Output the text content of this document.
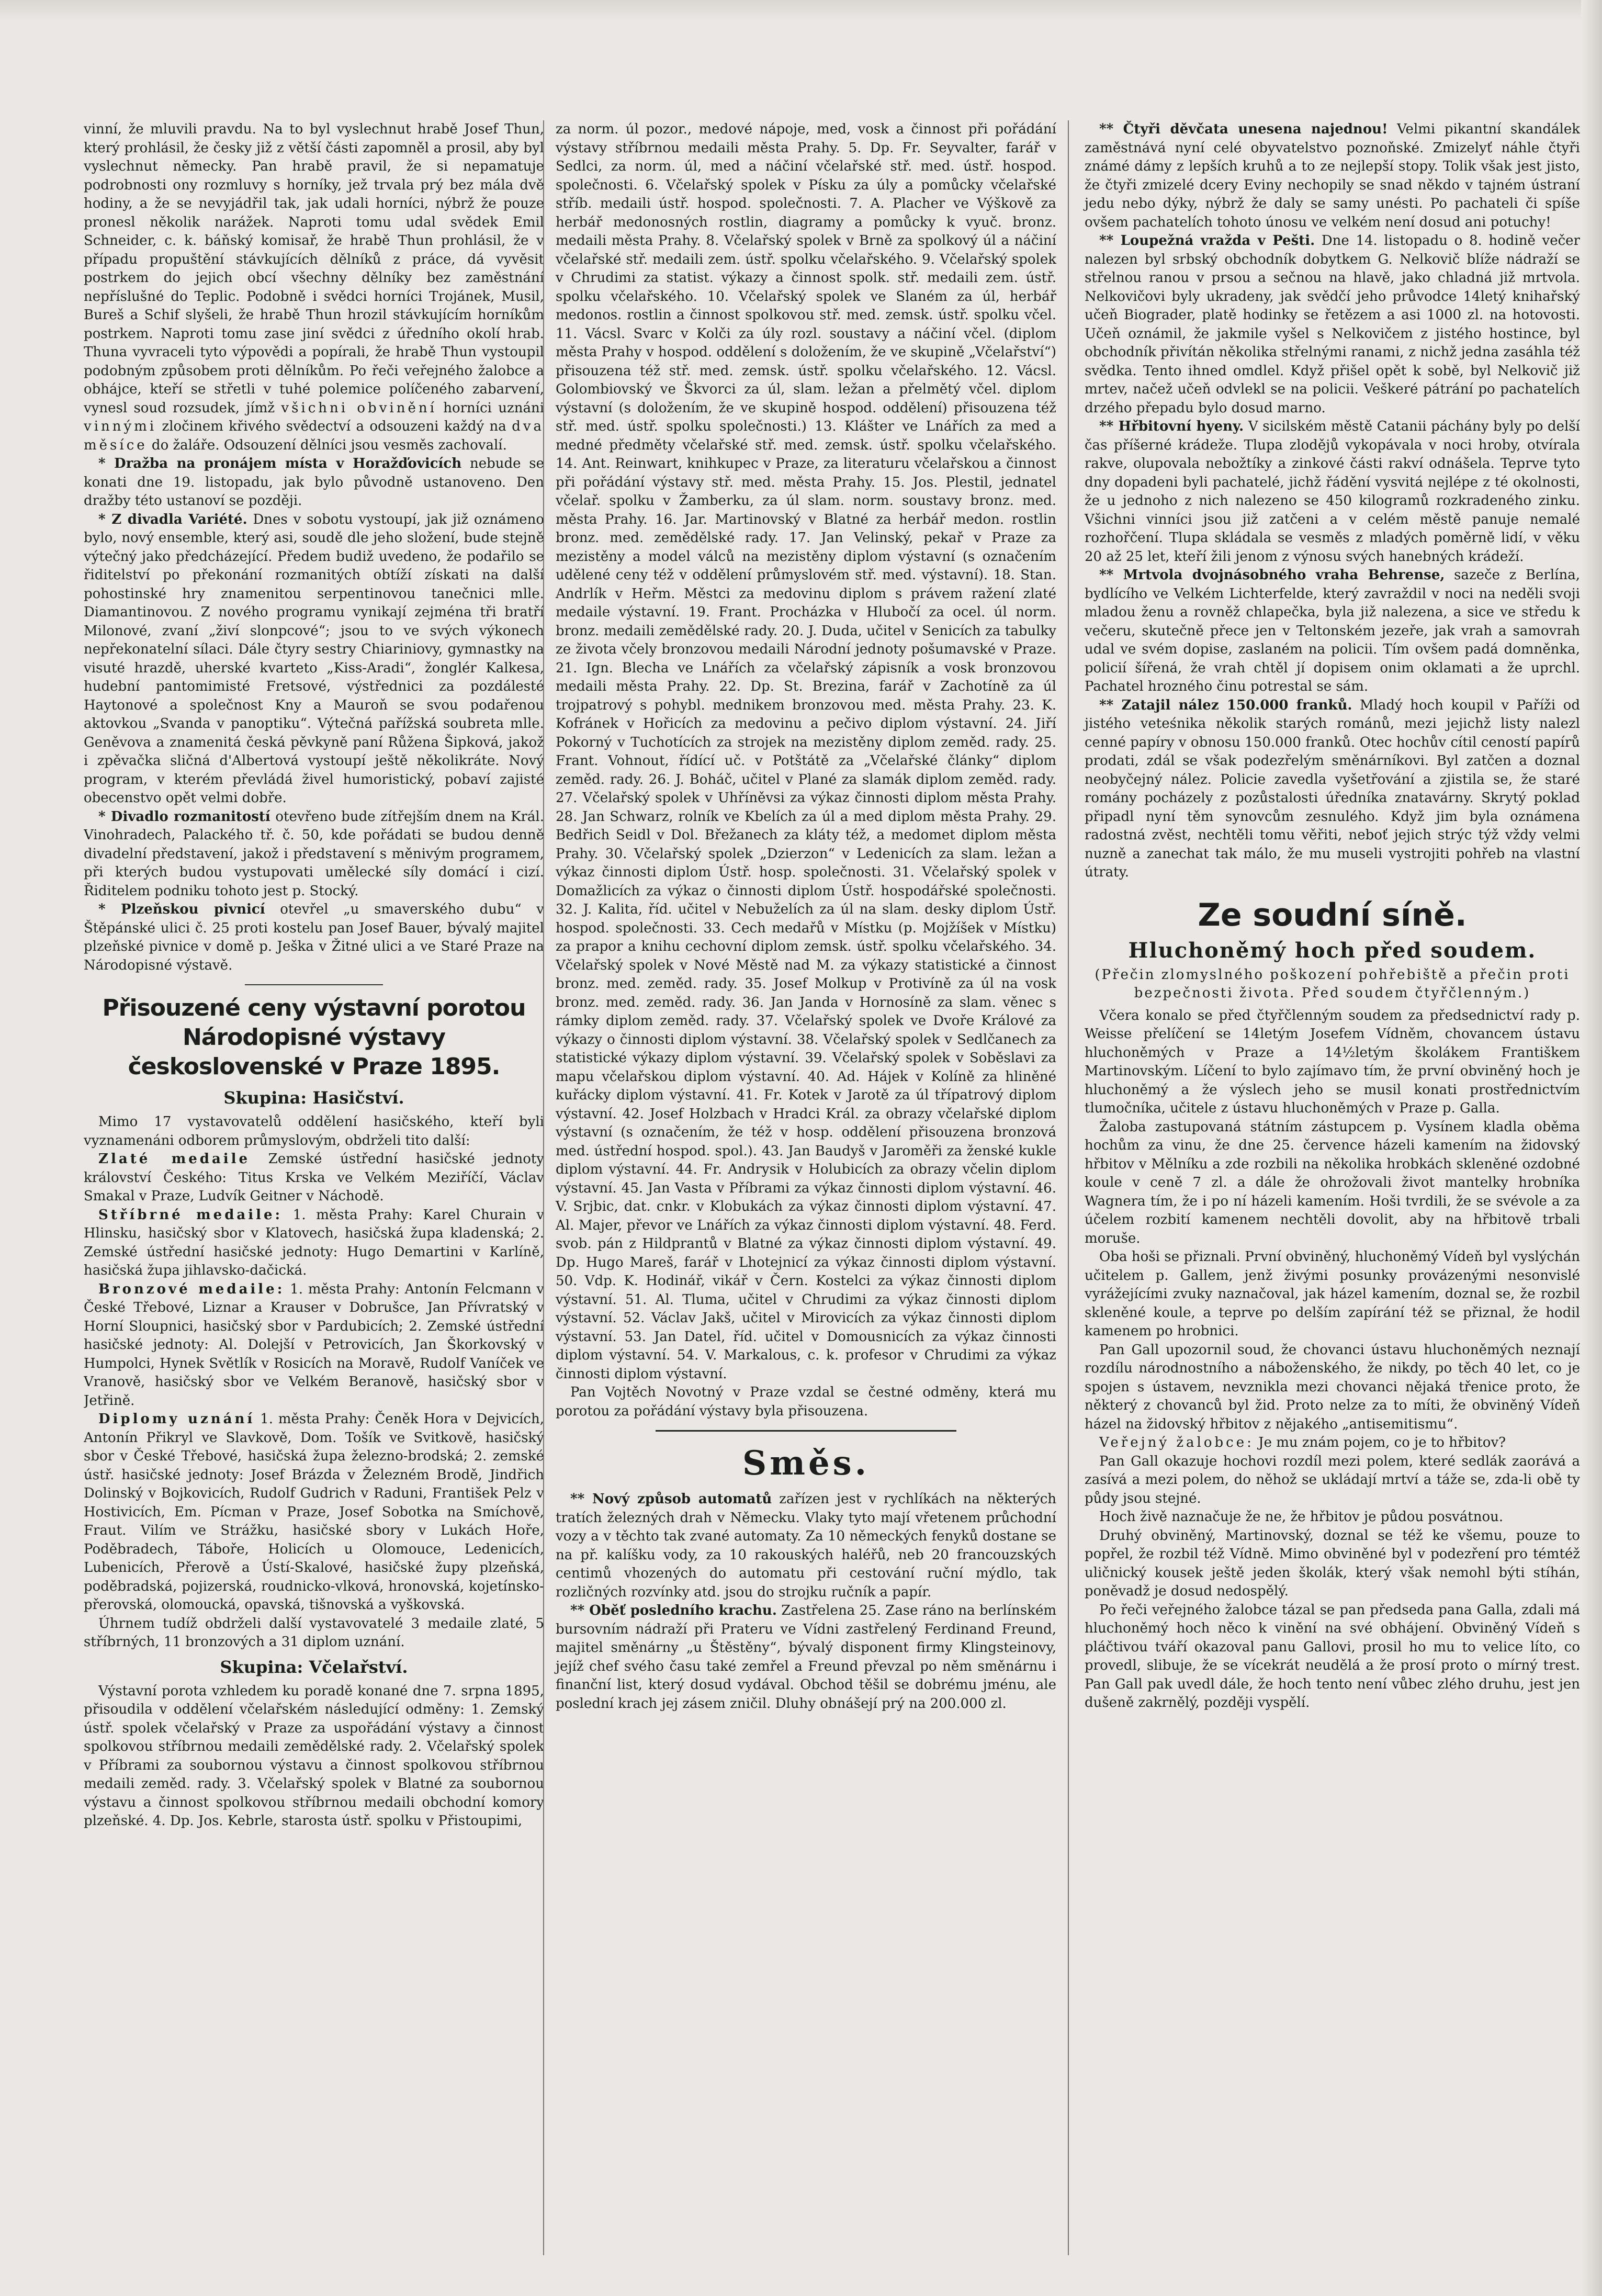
vinní, že mluvili pravdu. Na to byl vyslechnut hrabě Josef Thun, který prohlásil, že česky již z větší části zapomněl a prosil, aby byl vyslechnut německy. Pan hrabě pravil, že si nepamatuje podrobnosti ony rozmluvy s horníky, jež trvala prý bez mála dvě hodiny, a že se nevyjádřil tak, jak udali horníci, nýbrž že pouze pronesl několik narážek. Naproti tomu udal svědek Emil Schneider, c. k. báňský komisař, že hrabě Thun prohlásil, že v případu propuštění stávkujících dělníků z práce, dá vyvěsit postrkem do jejich obcí všechny dělníky bez zaměstnání nepříslušné do Teplic. Podobně i svědci horníci Trojánek, Musil, Bureš a Schif slyšeli, že hrabě Thun hrozil stávkujícím horníkům postrkem. Naproti tomu zase jiní svědci z úředního okolí hrab. Thuna vyvraceli tyto výpovědi a popírali, že hrabě Thun vystoupil podobným způsobem proti dělníkům. Po řeči veřejného žalobce a obhájce, kteří se střetli v tuhé polemice políčeného zabarvení, vynesl soud rozsudek, jímž všichni obvinění horníci uznáni vinnými zločinem křivého svědectví a odsouzeni každý na dva měsíce do žaláře. Odsouzení dělníci jsou vesměs zachovalí.

* Dražba na pronájem místa v Horažďovicích nebude se konati dne 19. listopadu, jak bylo původně ustanoveno. Den dražby této ustanoví se později.

* Z divadla Variété. Dnes v sobotu vystoupí, jak již oznámeno bylo, nový ensemble, který asi, soudě dle jeho složení, bude stejně výtečný jako předcházející. Předem budiž uvedeno, že podařilo se řiditelství po překonání rozmanitých obtíží získati na další pohostinské hry znamenitou serpentinovou tanečnici mlle. Diamantinovou. Z nového programu vynikají zejména tři bratří Milonové, zvaní „živí slonpcové“; jsou to ve svých výkonech nepřekonatelní sílaci. Dále čtyry sestry Chiariniovy, gymnastky na visuté hrazdě, uherské kvarteto „Kiss-Aradi“, žonglér Kalkesa, hudební pantomimisté Fretsové, výstřednici za pozdálesté Haytonové a společnost Kny a Mauroň se svou podařenou aktovkou „Svanda v panoptiku“. Výtečná pařížská soubreta mlle. Geněvova a znamenitá česká pěvkyně paní Růžena Šipková, jakož i zpěvačka sličná d'Albertová vystoupí ještě několikráte. Nový program, v kterém převládá živel humoristický, pobaví zajisté obecenstvo opět velmi dobře.

* Divadlo rozmanitostí otevřeno bude zítřejším dnem na Král. Vinohradech, Palackého tř. č. 50, kde pořádati se budou denně divadelní představení, jakož i představení s měnivým programem, při kterých budou vystupovati umělecké síly domácí i cizí. Řiditelem podniku tohoto jest p. Stocký.

* Plzeňskou pivnicí otevřel „u smaverského dubu“ v Štěpánské ulici č. 25 proti kostelu pan Josef Bauer, bývalý majitel plzeňské pivnice v domě p. Ješka v Žitné ulici a ve Staré Praze na Národopisné výstavě.

Přisouzené ceny výstavní porotou Národopisné výstavy československé v Praze 1895.
Skupina: Hasičství.

Mimo 17 vystavovatelů oddělení hasičského, kteří byli vyznamenáni odborem průmyslovým, obdrželi tito další:

Zlaté medaile Zemské ústřední hasičské jednoty království Českého: Titus Krska ve Velkém Meziříčí, Václav Smakal v Praze, Ludvík Geitner v Náchodě.

Stříbrné medaile: 1. města Prahy: Karel Churain v Hlinsku, hasičský sbor v Klatovech, hasičská župa kladenská; 2. Zemské ústřední hasičské jednoty: Hugo Demartini v Karlíně, hasičská župa jihlavsko-dačická.

Bronzové medaile: 1. města Prahy: Antonín Felcmann v České Třebové, Liznar a Krauser v Dobrušce, Jan Přívratský v Horní Sloupnici, hasičský sbor v Pardubicích; 2. Zemské ústřední hasičské jednoty: Al. Dolejší v Petrovicích, Jan Škorkovský v Humpolci, Hynek Světlík v Rosicích na Moravě, Rudolf Vaníček ve Vranově, hasičský sbor ve Velkém Beranově, hasičský sbor v Jetřině.

Diplomy uznání 1. města Prahy: Čeněk Hora v Dejvicích, Antonín Přikryl ve Slavkově, Dom. Tošík ve Svitkově, hasičský sbor v České Třebové, hasičská župa železno-brodská; 2. zemské ústř. hasičské jednoty: Josef Brázda v Železném Brodě, Jindřich Dolinský v Bojkovicích, Rudolf Gudrich v Raduni, František Pelz v Hostivicích, Em. Pícman v Praze, Josef Sobotka na Smíchově, Fraut. Vilím ve Strážku, hasičské sbory v Lukách Hoře, Poděbradech, Táboře, Holicích u Olomouce, Ledenicích, Lubenicích, Přerově a Ústí-Skalové, hasičské župy plzeňská, poděbradská, pojizerská, roudnicko-vlková, hronovská, kojetínsko-přerovská, olomoucká, opavská, tišnovská a vyškovská.

Úhrnem tudíž obdrželi další vystavovatelé 3 medaile zlaté, 5 stříbrných, 11 bronzových a 31 diplom uznání.

Skupina: Včelařství.

Výstavní porota vzhledem ku poradě konané dne 7. srpna 1895, přisoudila v oddělení včelařském následující odměny: 1. Zemský ústř. spolek včelařský v Praze za uspořádání výstavy a činnost spolkovou stříbrnou medaili zemědělské rady. 2. Včelařský spolek v Příbrami za soubornou výstavu a činnost spolkovou stříbrnou medaili zeměd. rady. 3. Včelařský spolek v Blatné za soubornou výstavu a činnost spolkovou stříbrnou medaili obchodní komory plzeňské. 4. Dp. Jos. Kebrle, starosta ústř. spolku v Přistoupimi,

za norm. úl pozor., medové nápoje, med, vosk a činnost při pořádání výstavy stříbrnou medaili města Prahy. 5. Dp. Fr. Seyvalter, farář v Sedlci, za norm. úl, med a náčiní včelařské stř. med. ústř. hospod. společnosti. 6. Včelařský spolek v Písku za úly a pomůcky včelařské stříb. medaili ústř. hospod. společnosti. 7. A. Placher ve Výškově za herbář medonosných rostlin, diagramy a pomůcky k vyuč. bronz. medaili města Prahy. 8. Včelařský spolek v Brně za spolkový úl a náčiní včelařské stř. medaili zem. ústř. spolku včelařského. 9. Včelařský spolek v Chrudimi za statist. výkazy a činnost spolk. stř. medaili zem. ústř. spolku včelařského. 10. Včelařský spolek ve Slaném za úl, herbář medonos. rostlin a činnost spolkovou stř. med. zemsk. ústř. spolku včel. 11. Vácsl. Svarc v Kolči za úly rozl. soustavy a náčiní včel. (diplom města Prahy v hospod. oddělení s doložením, že ve skupině „Včelařství“) přisouzena též stř. med. zemsk. ústř. spolku včelařského. 12. Vácsl. Golombiovský ve Škvorci za úl, slam. ležan a přelmětý včel. diplom výstavní (s doložením, že ve skupině hospod. oddělení) přisouzena též stř. med. ústř. spolku společnosti.) 13. Klášter ve Lnářích za med a medné předměty včelařské stř. med. zemsk. ústř. spolku včelařského. 14. Ant. Reinwart, knihkupec v Praze, za literaturu včelařskou a činnost při pořádání výstavy stř. med. města Prahy. 15. Jos. Plestil, jednatel včelař. spolku v Žamberku, za úl slam. norm. soustavy bronz. med. města Prahy. 16. Jar. Martinovský v Blatné za herbář medon. rostlin bronz. med. zemědělské rady. 17. Jan Velinský, pekař v Praze za mezistěny a model válců na mezistěny diplom výstavní (s označením udělené ceny též v oddělení průmyslovém stř. med. výstavní). 18. Stan. Andrlík v Heřm. Městci za medovinu diplom s právem ražení zlaté medaile výstavní. 19. Frant. Procházka v Hlubočí za ocel. úl norm. bronz. medaili zemědělské rady. 20. J. Duda, učitel v Senicích za tabulky ze života včely bronzovou medaili Národní jednoty pošumavské v Praze. 21. Ign. Blecha ve Lnářích za včelařský zápisník a vosk bronzovou medaili města Prahy. 22. Dp. St. Brezina, farář v Zachotíně za úl trojpatrový s pohybl. mednikem bronzovou med. města Prahy. 23. K. Kofránek v Hořicích za medovinu a pečivo diplom výstavní. 24. Jiří Pokorný v Tuchotících za strojek na mezistěny diplom zeměd. rady. 25. Frant. Vohnout, řídící uč. v Potštátě za „Včelařské články“ diplom zeměd. rady. 26. J. Boháč, učitel v Plané za slamák diplom zeměd. rady. 27. Včelařský spolek v Uhříněvsi za výkaz činnosti diplom města Prahy. 28. Jan Schwarz, rolník ve Kbelích za úl a med diplom města Prahy. 29. Bedřich Seidl v Dol. Břežanech za kláty též, a medomet diplom města Prahy. 30. Včelařský spolek „Dzierzon“ v Ledenicích za slam. ležan a výkaz činnosti diplom Ústř. hosp. společnosti. 31. Včelařský spolek v Domažlicích za výkaz o činnosti diplom Ústř. hospodářské společnosti. 32. J. Kalita, říd. učitel v Nebuželích za úl na slam. desky diplom Ústř. hospod. společnosti. 33. Cech medařů v Místku (p. Mojžíšek v Místku) za prapor a knihu cechovní diplom zemsk. ústř. spolku včelařského. 34. Včelařský spolek v Nové Městě nad M. za výkazy statistické a činnost bronz. med. zeměd. rady. 35. Josef Molkup v Protivíně za úl na vosk bronz. med. zeměd. rady. 36. Jan Janda v Hornosíně za slam. věnec s rámky diplom zeměd. rady. 37. Včelařský spolek ve Dvoře Králové za výkazy o činnosti diplom výstavní. 38. Včelařský spolek v Sedlčanech za statistické výkazy diplom výstavní. 39. Včelařský spolek v Soběslavi za mapu včelařskou diplom výstavní. 40. Ad. Hájek v Kolíně za hliněné kuřácky diplom výstavní. 41. Fr. Kotek v Jarotě za úl třípatrový diplom výstavní. 42. Josef Holzbach v Hradci Král. za obrazy včelařské diplom výstavní (s označením, že též v hosp. oddělení přisouzena bronzová med. ústřední hospod. spol.). 43. Jan Baudyš v Jaroměři za ženské kukle diplom výstavní. 44. Fr. Andrysik v Holubicích za obrazy včelin diplom výstavní. 45. Jan Vasta v Příbrami za výkaz činnosti diplom výstavní. 46. V. Srjbic, dat. cnkr. v Klobukách za výkaz činnosti diplom výstavní. 47. Al. Majer, převor ve Lnářích za výkaz činnosti diplom výstavní. 48. Ferd. svob. pán z Hildprantů v Blatné za výkaz činnosti diplom výstavní. 49. Dp. Hugo Mareš, farář v Lhotejnicí za výkaz činnosti diplom výstavní. 50. Vdp. K. Hodinář, vikář v Čern. Kostelci za výkaz činnosti diplom výstavní. 51. Al. Tluma, učitel v Chrudimi za výkaz činnosti diplom výstavní. 52. Václav Jakš, učitel v Mirovicích za výkaz činnosti diplom výstavní. 53. Jan Datel, říd. učitel v Domousnicích za výkaz činnosti diplom výstavní. 54. V. Markalous, c. k. profesor v Chrudimi za výkaz činnosti diplom výstavní.

Pan Vojtěch Novotný v Praze vzdal se čestné odměny, která mu porotou za pořádání výstavy byla přisouzena.

Směs.

** Nový způsob automatů zařízen jest v rychlíkách na některých tratích železných drah v Německu. Vlaky tyto mají vřetenem průchodní vozy a v těchto tak zvané automaty. Za 10 německých fenyků dostane se na př. kalíšku vody, za 10 rakouských haléřů, neb 20 francouzských centimů vhozených do automatu při cestování ruční mýdlo, tak rozličných rozvínky atd. jsou do strojku ručník a papír.

** Oběť posledního krachu. Zastřelena 25. Zase ráno na berlínském bursovním nádraží při Prateru ve Vídni zastřelený Ferdinand Freund, majitel směnárny „u Štěstěny“, bývalý disponent firmy Klingsteinovy, jejíž chef svého času také zemřel a Freund převzal po něm směnárnu i finanční list, který dosud vydával. Obchod těšil se dobrému jménu, ale poslední krach jej zásem zničil. Dluhy obnášejí prý na 200.000 zl.

** Čtyři děvčata unesena najednou! Velmi pikantní skandálek zaměstnává nyní celé obyvatelstvo poznoňské. Zmizelyť náhle čtyři známé dámy z lepších kruhů a to ze nejlepší stopy. Tolik však jest jisto, že čtyři zmizelé dcery Eviny nechopily se snad někdo v tajném ústraní jedu nebo dýky, nýbrž že daly se samy unésti. Po pachateli či spíše ovšem pachatelích tohoto únosu ve velkém není dosud ani potuchy!

** Loupežná vražda v Pešti. Dne 14. listopadu o 8. hodině večer nalezen byl srbský obchodník dobytkem G. Nelkovič blíže nádraží se střelnou ranou v prsou a sečnou na hlavě, jako chladná již mrtvola. Nelkovičovi byly ukradeny, jak svědčí jeho průvodce 14letý knihařský učeň Biograder, platě hodinky se řetězem a asi 1000 zl. na hotovosti. Učeň oznámil, že jakmile vyšel s Nelkovičem z jistého hostince, byl obchodník přivítán několika střelnými ranami, z nichž jedna zasáhla též svědka. Tento ihned omdlel. Když přišel opět k sobě, byl Nelkovič již mrtev, načež učeň odvlekl se na policii. Veškeré pátrání po pachatelích drzého přepadu bylo dosud marno.

** Hřbitovní hyeny. V sicilském městě Catanii páchány byly po delší čas příšerné krádeže. Tlupa zlodějů vykopávala v noci hroby, otvírala rakve, olupovala nebožtíky a zinkové části rakví odnášela. Teprve tyto dny dopadeni byli pachatelé, jichž řádění vysvitá nejlépe z té okolnosti, že u jednoho z nich nalezeno se 450 kilogramů rozkradeného zinku. Všichni vinníci jsou již zatčeni a v celém městě panuje nemalé rozhořčení. Tlupa skládala se vesměs z mladých poměrně lidí, v věku 20 až 25 let, kteří žili jenom z výnosu svých hanebných krádeží.

** Mrtvola dvojnásobného vraha Behrense, sazeče z Berlína, bydlícího ve Velkém Lichterfelde, který zavraždil v noci na neděli svoji mladou ženu a rovněž chlapečka, byla již nalezena, a sice ve středu k večeru, skutečně přece jen v Teltonském jezeře, jak vrah a samovrah udal ve svém dopise, zaslaném na policii. Tím ovšem padá domněnka, policií šířená, že vrah chtěl jí dopisem onim oklamati a že uprchl. Pachatel hrozného činu potrestal se sám.

** Zatajil nález 150.000 franků. Mladý hoch koupil v Paříži od jistého veteśnika několik starých románů, mezi jejichž listy nalezl cenné papíry v obnosu 150.000 franků. Otec hochův cítil ceností papírů prodati, zdál se však podezřelým směnárníkovi. Byl zatčen a doznal neobyčejný nález. Policie zavedla vyšetřování a zjistila se, že staré romány pocházely z pozůstalosti úředníka znatavárny. Skrytý poklad připadl nyní těm synovcům zesnulého. Když jim byla oznámena radostná zvěst, nechtěli tomu věřiti, neboť jejich strýc týž vždy velmi nuzně a zanechat tak málo, že mu museli vystrojiti pohřeb na vlastní útraty.

Ze soudní síně.
Hluchoněmý hoch před soudem.

(Přečin zlomyslného poškození pohřebiště a přečin proti bezpečnosti života. Před soudem čtyřčlenným.)

Včera konalo se před čtyřčlenným soudem za předsednictví rady p. Weisse přelíčení se 14letým Josefem Vídněm, chovancem ústavu hluchoněmých v Praze a 14½letým školákem Františkem Martinovským. Líčení to bylo zajímavo tím, že první obviněný hoch je hluchoněmý a že výslech jeho se musil konati prostřednictvím tlumočníka, učitele z ústavu hluchoněmých v Praze p. Galla.

Žaloba zastupovaná státním zástupcem p. Vysínem kladla oběma hochům za vinu, že dne 25. července házeli kamením na židovský hřbitov v Mělníku a zde rozbili na několika hrobkách skleněné ozdobné koule v ceně 7 zl. a dále že ohrožovali život mantelky hrobníka Wagnera tím, že i po ní házeli kamením. Hoši tvrdili, že se svévole a za účelem rozbití kamenem nechtěli dovolit, aby na hřbitově trbali moruše.

Oba hoši se přiznali. První obviněný, hluchoněmý Vídeň byl vyslýchán učitelem p. Gallem, jenž živými posunky provázenými nesonvislé vyrážejícími zvuky naznačoval, jak házel kamením, doznal se, že rozbil skleněné koule, a teprve po delším zapírání též se přiznal, že hodil kamenem po hrobnici.

Pan Gall upozornil soud, že chovanci ústavu hluchoněmých neznají rozdílu národnostního a náboženského, že nikdy, po těch 40 let, co je spojen s ústavem, nevznikla mezi chovanci nějaká třenice proto, že některý z chovanců byl žid. Proto nelze za to míti, že obviněný Vídeň házel na židovský hřbitov z nějakého „antisemitismu“.

Veřejný žalobce: Je mu znám pojem, co je to hřbitov?

Pan Gall okazuje hochovi rozdíl mezi polem, které sedlák zaorává a zasívá a mezi polem, do něhož se ukládají mrtví a táže se, zda-li obě ty půdy jsou stejné.

Hoch živě naznačuje že ne, že hřbitov je půdou posvátnou.

Druhý obviněný, Martinovský, doznal se též ke všemu, pouze to popřel, že rozbil též Vídně. Mimo obviněné byl v podezření pro témtéž uličnický kousek ještě jeden školák, který však nemohl býti stíhán, poněvadž je dosud nedospělý.

Po řeči veřejného žalobce tázal se pan předseda pana Galla, zdali má hluchoněmý hoch něco k vinění na své obhájení. Obviněný Vídeň s pláčtivou tváří okazoval panu Gallovi, prosil ho mu to velice líto, co provedl, slibuje, že se vícekrát neudělá a že prosí proto o mírný trest. Pan Gall pak uvedl dále, že hoch tento není vůbec zlého druhu, jest jen dušeně zakrnělý, později vyspělí.
